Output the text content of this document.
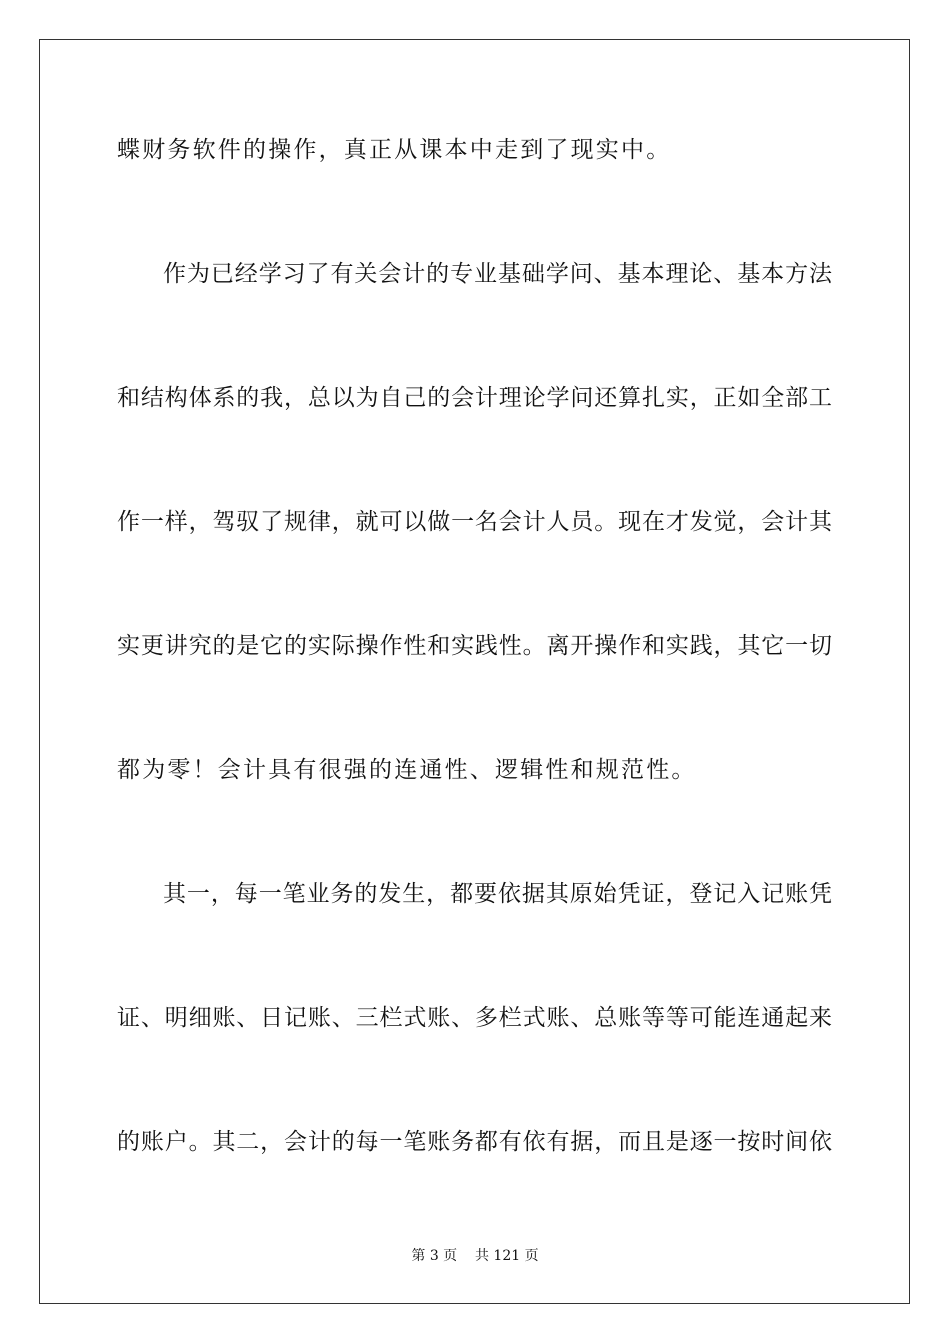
蝶财务软件的操作，真正从课本中走到了现实中。
作为已经学习了有关会计的专业基础学问、基本理论、基本方法
和结构体系的我，总以为自己的会计理论学问还算扎实，正如全部工
作一样，驾驭了规律，就可以做一名会计人员。现在才发觉，会计其
实更讲究的是它的实际操作性和实践性。离开操作和实践，其它一切
都为零！会计具有很强的连通性、逻辑性和规范性。
其一，每一笔业务的发生，都要依据其原始凭证，登记入记账凭
证、明细账、日记账、三栏式账、多栏式账、总账等等可能连通起来
的账户。其二，会计的每一笔账务都有依有据，而且是逐一按时间依
第 3 页    共 121 页
